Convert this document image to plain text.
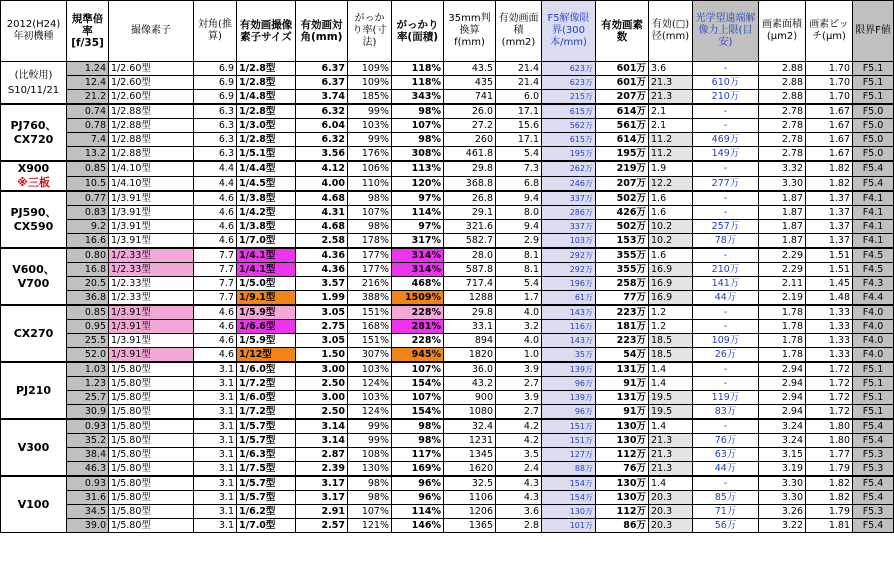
2012(H24)年初機種	規準倍率[f/35]	撮像素子	対角(推算)	有効画撮像素子サイズ	有効画対角(mm)	がっかり率(寸法)	がっかり率(面積)	35mm判換算f(mm)	有効画面積(mm2)	F5解像限界(300本/mm)	有効画素数	有効(□)径(mm)	光学望遠端解像力上限(目安)	画素面積(μm2)	画素ピッチ(μm)	限界F値
(比較用)
S10/11/21	1.24	1/2.60型	6.9	1/2.8型	6.37	109%	118%	43.5	21.4	623万	601万	3.6	-	2.88	1.70	F5.1
	12.4	1/2.60型	6.9	1/2.8型	6.37	109%	118%	435	21.4	623万	601万	21.3	610万	2.88	1.70	F5.1
	21.2	1/2.60型	6.9	1/4.8型	3.74	185%	343%	741	6.0	215万	207万	21.3	210万	2.88	1.70	F5.1
PJ760、
CX720	0.74	1/2.88型	6.3	1/2.8型	6.32	99%	98%	26.0	17.1	615万	614万	2.1	-	2.78	1.67	F5.0
	0.78	1/2.88型	6.3	1/3.0型	6.04	103%	107%	27.2	15.6	562万	561万	2.1	-	2.78	1.67	F5.0
	7.4	1/2.88型	6.3	1/2.8型	6.32	99%	98%	260	17.1	615万	614万	11.2	469万	2.78	1.67	F5.0
	13.2	1/2.88型	6.3	1/5.1型	3.56	176%	308%	461.8	5.4	195万	195万	11.2	149万	2.78	1.67	F5.0
X900
※三板	0.85	1/4.10型	4.4	1/4.4型	4.12	106%	113%	29.8	7.3	262万	219万	1.9	-	3.32	1.82	F5.4
	10.5	1/4.10型	4.4	1/4.5型	4.00	110%	120%	368.8	6.8	246万	207万	12.2	277万	3.30	1.82	F5.4
PJ590、
CX590	0.77	1/3.91型	4.6	1/3.8型	4.68	98%	97%	26.8	9.4	337万	502万	1.6	-	1.87	1.37	F4.1
	0.83	1/3.91型	4.6	1/4.2型	4.31	107%	114%	29.1	8.0	286万	426万	1.6	-	1.87	1.37	F4.1
	9.2	1/3.91型	4.6	1/3.8型	4.68	98%	97%	321.6	9.4	337万	502万	10.2	257万	1.87	1.37	F4.1
	16.6	1/3.91型	4.6	1/7.0型	2.58	178%	317%	582.7	2.9	103万	153万	10.2	78万	1.87	1.37	F4.1
V600、
V700	0.80	1/2.33型	7.7	1/4.1型	4.36	177%	314%	28.0	8.1	292万	355万	1.6	-	2.29	1.51	F4.5
	16.8	1/2.33型	7.7	1/4.1型	4.36	177%	314%	587.8	8.1	292万	355万	16.9	210万	2.29	1.51	F4.5
	20.5	1/2.33型	7.7	1/5.0型	3.57	216%	468%	717.4	5.4	196万	258万	16.9	141万	2.11	1.45	F4.3
	36.8	1/2.33型	7.7	1/9.1型	1.99	388%	1509%	1288	1.7	61万	77万	16.9	44万	2.19	1.48	F4.4
CX270	0.85	1/3.91型	4.6	1/5.9型	3.05	151%	228%	29.8	4.0	143万	223万	1.2	-	1.78	1.33	F4.0
	0.95	1/3.91型	4.6	1/6.6型	2.75	168%	281%	33.1	3.2	116万	181万	1.2	-	1.78	1.33	F4.0
	25.5	1/3.91型	4.6	1/5.9型	3.05	151%	228%	894	4.0	143万	223万	18.5	109万	1.78	1.33	F4.0
	52.0	1/3.91型	4.6	1/12型	1.50	307%	945%	1820	1.0	35万	54万	18.5	26万	1.78	1.33	F4.0
PJ210	1.03	1/5.80型	3.1	1/6.0型	3.00	103%	107%	36.0	3.9	139万	131万	1.4	-	2.94	1.72	F5.1
	1.23	1/5.80型	3.1	1/7.2型	2.50	124%	154%	43.2	2.7	96万	91万	1.4	-	2.94	1.72	F5.1
	25.7	1/5.80型	3.1	1/6.0型	3.00	103%	107%	900	3.9	139万	131万	19.5	119万	2.94	1.72	F5.1
	30.9	1/5.80型	3.1	1/7.2型	2.50	124%	154%	1080	2.7	96万	91万	19.5	83万	2.94	1.72	F5.1
V300	0.93	1/5.80型	3.1	1/5.7型	3.14	99%	98%	32.4	4.2	151万	130万	1.4	-	3.24	1.80	F5.4
	35.2	1/5.80型	3.1	1/5.7型	3.14	99%	98%	1231	4.2	151万	130万	21.3	76万	3.24	1.80	F5.4
	38.4	1/5.80型	3.1	1/6.3型	2.87	108%	117%	1345	3.5	127万	112万	21.3	63万	3.15	1.77	F5.3
	46.3	1/5.80型	3.1	1/7.5型	2.39	130%	169%	1620	2.4	88万	76万	21.3	44万	3.19	1.79	F5.3
V100	0.93	1/5.80型	3.1	1/5.7型	3.17	98%	96%	32.5	4.3	154万	130万	1.4	-	3.30	1.82	F5.4
	31.6	1/5.80型	3.1	1/5.7型	3.17	98%	96%	1106	4.3	154万	130万	20.3	85万	3.30	1.82	F5.4
	34.5	1/5.80型	3.1	1/6.2型	2.91	107%	114%	1206	3.6	130万	112万	20.3	71万	3.26	1.79	F5.3
	39.0	1/5.80型	3.1	1/7.0型	2.57	121%	146%	1365	2.8	101万	86万	20.3	56万	3.22	1.81	F5.4
